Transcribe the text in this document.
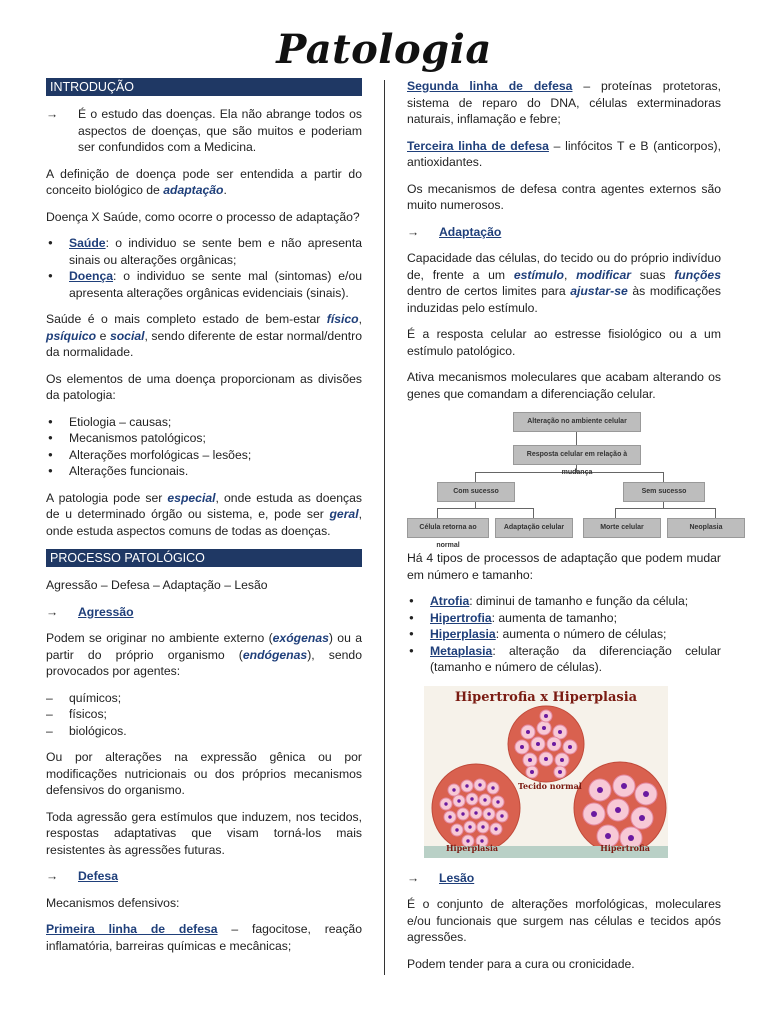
Patologia
INTRODUÇÃO
→	É o estudo das doenças. Ela não abrange todos os aspectos de doenças, que são muitos e poderiam ser confundidos com a Medicina.

A definição de doença pode ser entendida a partir do conceito biológico de adaptação.

Doença X Saúde, como ocorre o processo de adaptação?

● Saúde: o individuo se sente bem e não apresenta sinais ou alterações orgânicas;
● Doença: o individuo se sente mal (sintomas) e/ou apresenta alterações orgânicas evidenciais (sinais).

Saúde é o mais completo estado de bem-estar físico, psíquico e social, sendo diferente de estar normal/dentro da normalidade.

Os elementos de uma doença proporcionam as divisões da patologia:

● Etiologia – causas;
● Mecanismos patológicos;
● Alterações morfológicas – lesões;
● Alterações funcionais.

A patologia pode ser especial, onde estuda as doenças de u determinado órgão ou sistema, e, pode ser geral, onde estuda aspectos comuns de todas as doenças.

PROCESSO PATOLÓGICO

Agressão – Defesa – Adaptação – Lesão

→	Agressão

Podem se originar no ambiente externo (exógenas) ou a partir do próprio organismo (endógenas), sendo provocados por agentes:

– químicos;
– físicos;
– biológicos.

Ou por alterações na expressão gênica ou por modificações nutricionais ou dos próprios mecanismos defensivos do organismo.

Toda agressão gera estímulos que induzem, nos tecidos, respostas adaptativas que visam torná-los mais resistentes às agressões futuras.

→	Defesa

Mecanismos defensivos:

Primeira linha de defesa – fagocitose, reação inflamatória, barreiras químicas e mecânicas;

Segunda linha de defesa – proteínas protetoras, sistema de reparo do DNA, células exterminadoras naturais, inflamação e febre;

Terceira linha de defesa – linfócitos T e B (anticorpos), antioxidantes.

Os mecanismos de defesa contra agentes externos são muito numerosos.

→	Adaptação

Capacidade das células, do tecido ou do próprio indivíduo de, frente a um estímulo, modificar suas funções dentro de certos limites para ajustar-se às modificações induzidas pelo estímulo.

É a resposta celular ao estresse fisiológico ou a um estímulo patológico.

Ativa mecanismos moleculares que acabam alterando os genes que comandam a diferenciação celular.

Alteração no ambiente celular
Resposta celular em relação à mudança
Com sucesso	Sem sucesso
Célula retorna ao normal
Adaptação celular	Morte celular	Neoplasia

Há 4 tipos de processos de adaptação que podem mudar em número e tamanho:

● Atrofia: diminui de tamanho e função da célula;
● Hipertrofia: aumenta de tamanho;
● Hiperplasia: aumenta o número de células;
● Metaplasia: alteração da diferenciação celular (tamanho e número de células).
Hipertrofia x Hiperplasia
Tecido normal
Hiperplasia	Hipertrofia
→	Lesão

É o conjunto de alterações morfológicas, moleculares e/ou funcionais que surgem nas células e tecidos após agressões.

Podem tender para a cura ou cronicidade.
